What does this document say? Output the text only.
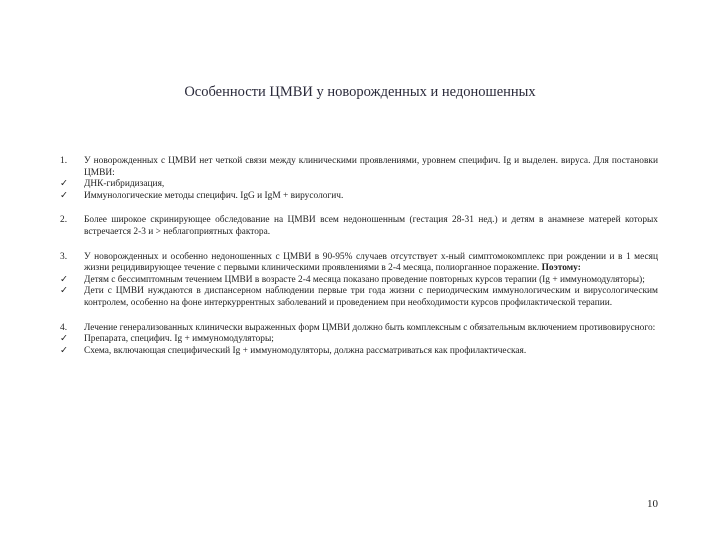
Особенности ЦМВИ у новорожденных и недоношенных
1.	У новорожденных с ЦМВИ нет четкой связи между клиническими проявлениями, уровнем специфич. Ig и выделен. вируса. Для постановки ЦМВИ:
✓	ДНК-гибридизация,
✓	Иммунологические методы специфич. IgG и IgM + вирусологич.
2.	Более широкое скринирующее обследование на ЦМВИ всем недоношенным (гестация 28-31 нед.) и детям в анамнезе матерей которых встречается 2-3 и > неблагоприятных фактора.
3.	У новорожденных и особенно недоношенных с ЦМВИ в 90-95% случаев отсутствует х-ный симптомокомплекс при рождении и в 1 месяц жизни рецидивирующее течение с первыми клиническими проявлениями в 2-4 месяца, полиорганное поражение. Поэтому:
✓	Детям с бессимптомным течением ЦМВИ в возрасте 2-4 месяца показано проведение повторных курсов терапии (Ig + иммуномодуляторы);
✓	Дети с ЦМВИ нуждаются в диспансерном наблюдении первые три года жизни с периодическим иммунологическим и вирусологическим контролем, особенно на фоне интеркуррентных заболеваний и проведением при необходимости курсов профилактической терапии.
4.	Лечение генерализованных клинически выраженных форм ЦМВИ должно быть комплексным с обязательным включением противовирусного:
✓	Препарата, специфич. Ig + иммуномодуляторы;
✓	Схема, включающая специфический Ig + иммуномодуляторы, должна рассматриваться как профилактическая.
10
